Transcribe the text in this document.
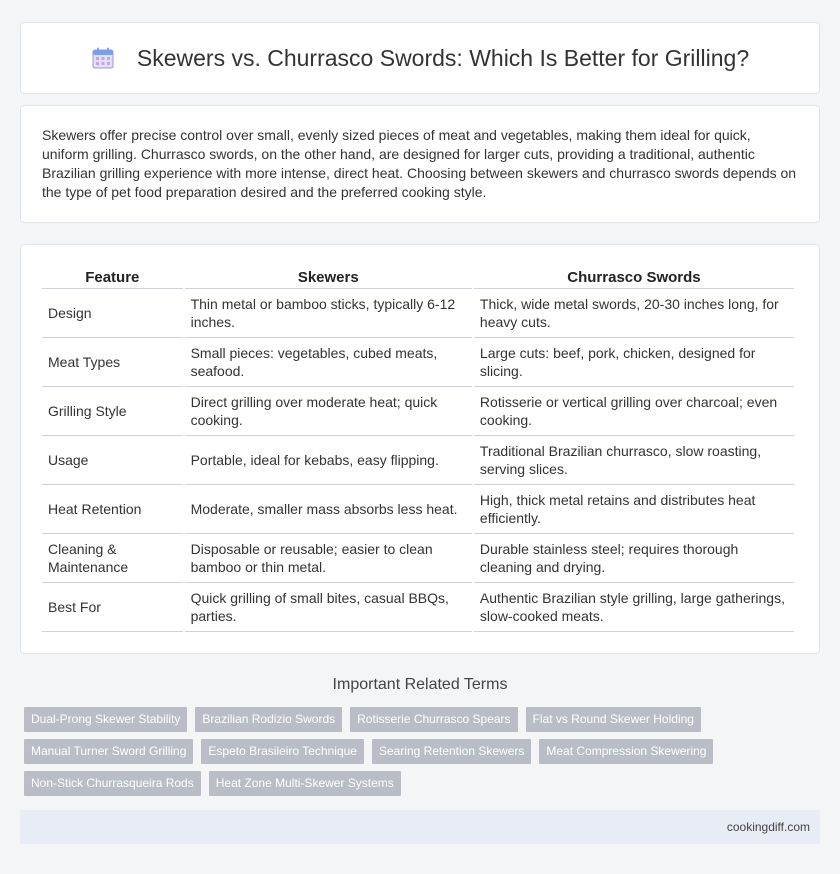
Skewers vs. Churrasco Swords: Which Is Better for Grilling?

Skewers offer precise control over small, evenly sized pieces of meat and vegetables, making them ideal for quick, uniform grilling. Churrasco swords, on the other hand, are designed for larger cuts, providing a traditional, authentic Brazilian grilling experience with more intense, direct heat. Choosing between skewers and churrasco swords depends on the type of pet food preparation desired and the preferred cooking style.

Feature	Skewers	Churrasco Swords
Design	Thin metal or bamboo sticks, typically 6-12 inches.	Thick, wide metal swords, 20-30 inches long, for heavy cuts.
Meat Types	Small pieces: vegetables, cubed meats, seafood.	Large cuts: beef, pork, chicken, designed for slicing.
Grilling Style	Direct grilling over moderate heat; quick cooking.	Rotisserie or vertical grilling over charcoal; even cooking.
Usage	Portable, ideal for kebabs, easy flipping.	Traditional Brazilian churrasco, slow roasting, serving slices.
Heat Retention	Moderate, smaller mass absorbs less heat.	High, thick metal retains and distributes heat efficiently.
Cleaning & Maintenance	Disposable or reusable; easier to clean bamboo or thin metal.	Durable stainless steel; requires thorough cleaning and drying.
Best For	Quick grilling of small bites, casual BBQs, parties.	Authentic Brazilian style grilling, large gatherings, slow-cooked meats.
Important Related Terms
Dual-Prong Skewer Stability	Brazilian Rodizio Swords	Rotisserie Churrasco Spears	Flat vs Round Skewer Holding
Manual Turner Sword Grilling	Espeto Brasileiro Technique	Searing Retention Skewers	Meat Compression Skewering
Non-Stick Churrasqueira Rods	Heat Zone Multi-Skewer Systems
cookingdiff.com
